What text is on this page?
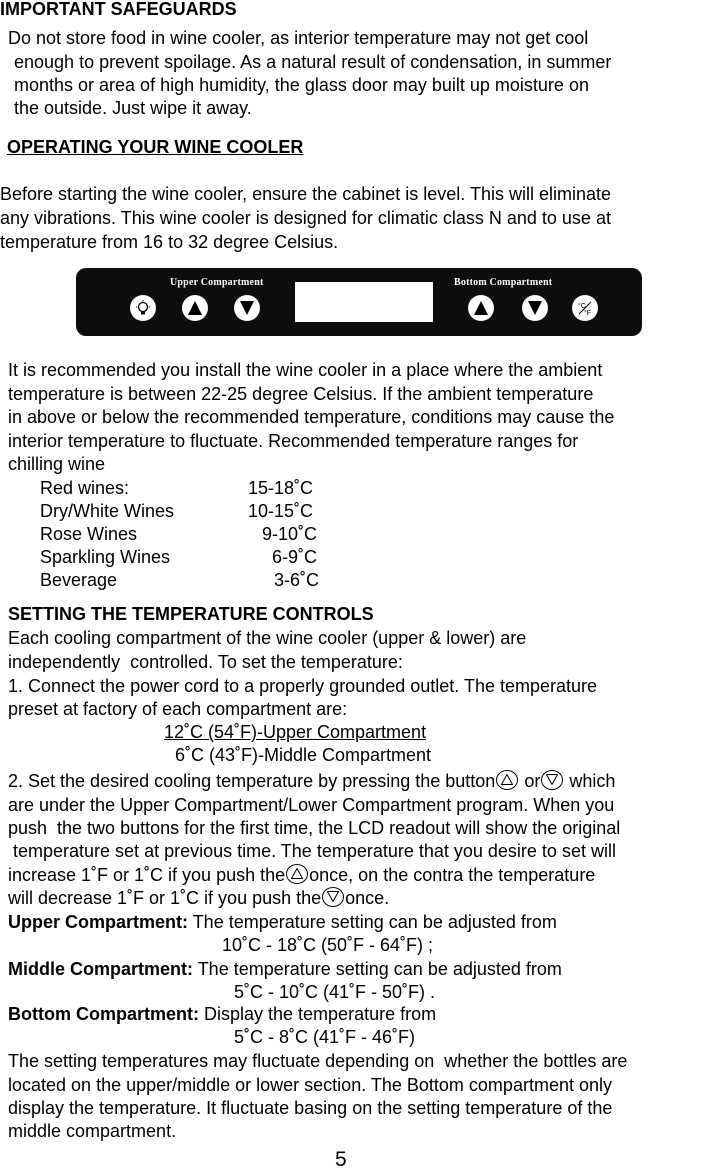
IMPORTANT SAFEGUARDS
Do not store food in wine cooler, as interior temperature may not get cool
enough to prevent spoilage. As a natural result of condensation, in summer
months or area of high humidity, the glass door may built up moisture on
the outside. Just wipe it away.
OPERATING YOUR WINE COOLER
Before starting the wine cooler, ensure the cabinet is level. This will eliminate
any vibrations. This wine cooler is designed for climatic class N and to use at
temperature from 16 to 32 degree Celsius.
Upper Compartment	Bottom Compartment
°C
°F
It is recommended you install the wine cooler in a place where the ambient
temperature is between 22-25 degree Celsius. If the ambient temperature
in above or below the recommended temperature, conditions may cause the
interior temperature to fluctuate. Recommended temperature ranges for
chilling wine
Red wines:	15-18˚C
Dry/White Wines	10-15˚C
Rose Wines	9-10˚C
Sparkling Wines	6-9˚C
Beverage	3-6˚C
SETTING THE TEMPERATURE CONTROLS
Each cooling compartment of the wine cooler (upper & lower) are
independently  controlled. To set the temperature:
1. Connect the power cord to a properly grounded outlet. The temperature
preset at factory of each compartment are:
12˚C (54˚F)-Upper Compartment
6˚C (43˚F)-Middle Compartment
2. Set the desired cooling temperature by pressing the button or which
are under the Upper Compartment/Lower Compartment program. When you
push  the two buttons for the first time, the LCD readout will show the original
temperature set at previous time. The temperature that you desire to set will
increase 1˚F or 1˚C if you push the once, on the contra the temperature
will decrease 1˚F or 1˚C if you push the once.
Upper Compartment: The temperature setting can be adjusted from
10˚C - 18˚C (50˚F - 64˚F) ;
Middle Compartment: The temperature setting can be adjusted from
5˚C - 10˚C (41˚F - 50˚F) .
Bottom Compartment: Display the temperature from
5˚C - 8˚C (41˚F - 46˚F)
The setting temperatures may fluctuate depending on  whether the bottles are
located on the upper/middle or lower section. The Bottom compartment only
display the temperature. It fluctuate basing on the setting temperature of the
middle compartment.
5
